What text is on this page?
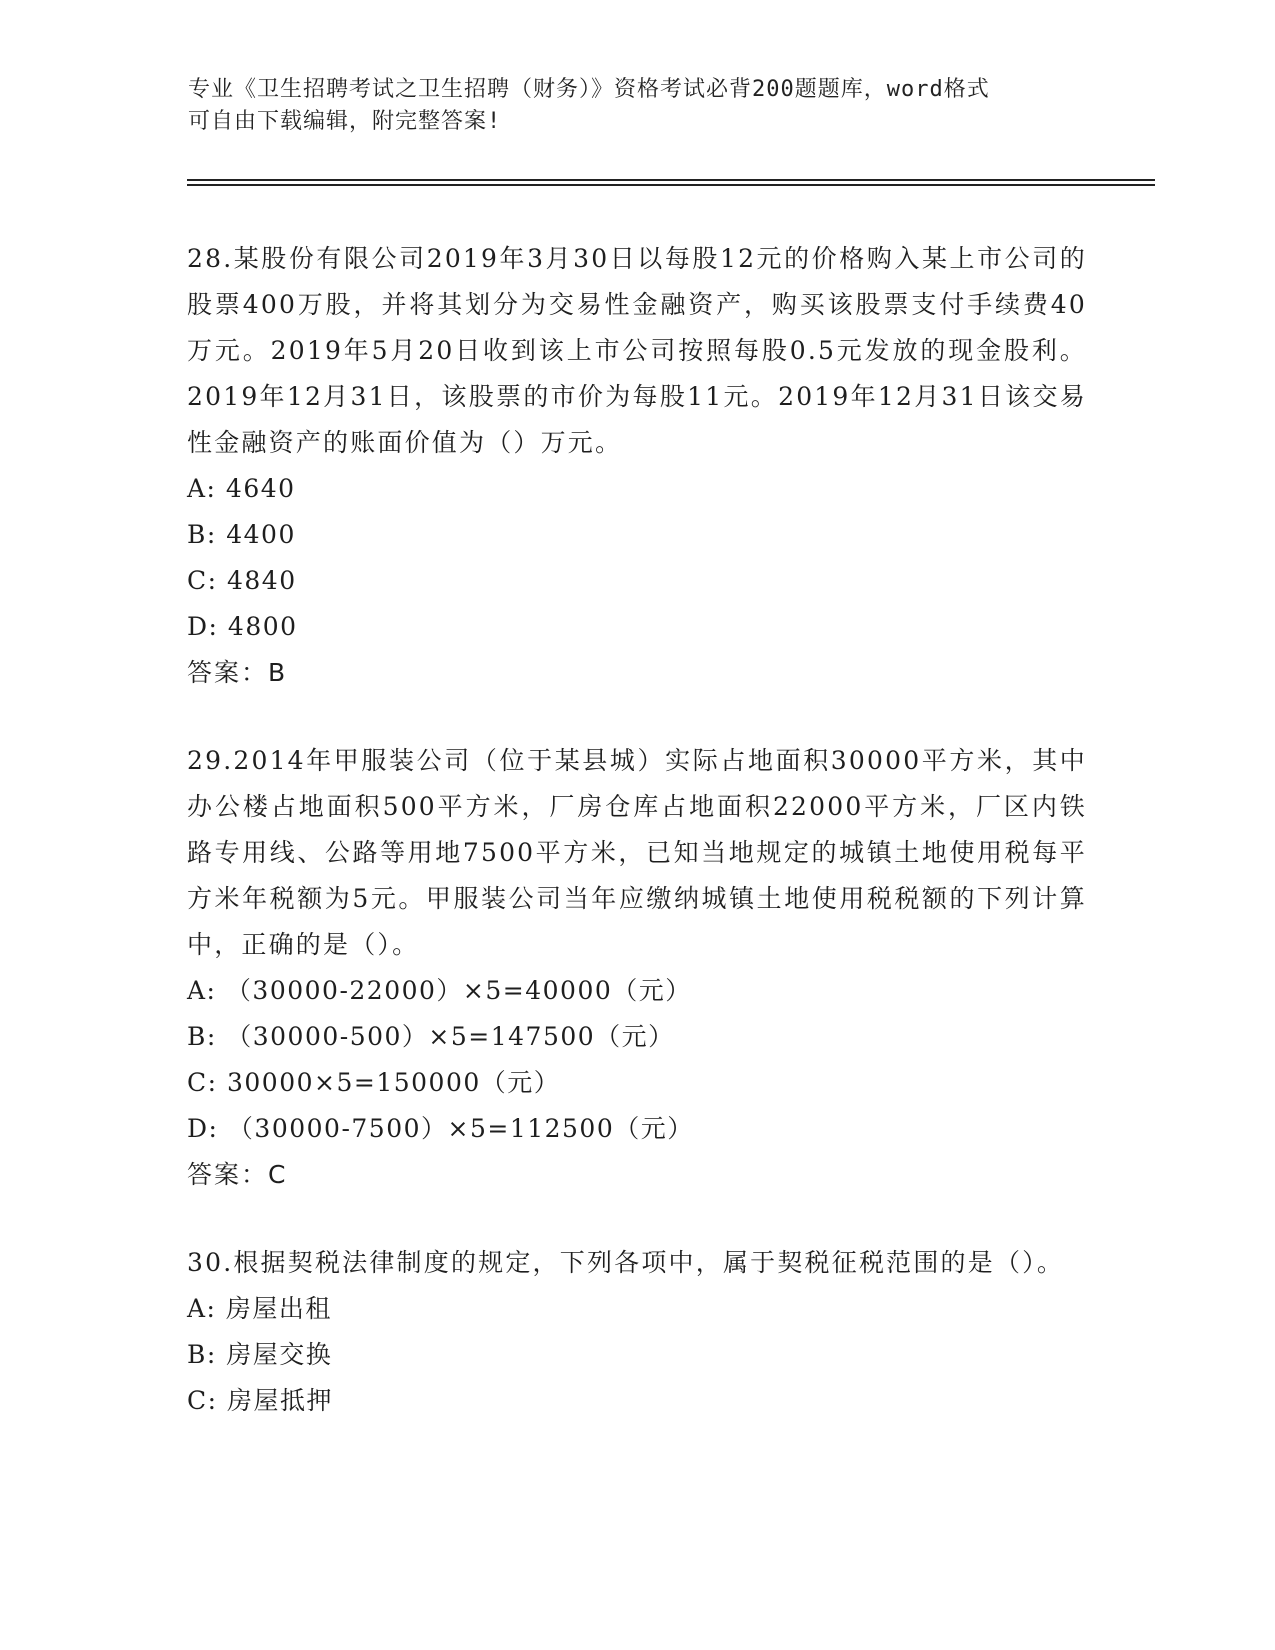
专业《卫生招聘考试之卫生招聘（财务）》资格考试必背200题题库，word格式
可自由下载编辑，附完整答案!

28.某股份有限公司2019年3月30日以每股12元的价格购入某上市公司的股票400万股，并将其划分为交易性金融资产，购买该股票支付手续费40万元。2019年5月20日收到该上市公司按照每股0.5元发放的现金股利。2019年12月31日，该股票的市价为每股11元。2019年12月31日该交易性金融资产的账面价值为（）万元。

A: 4640

B: 4400

C: 4840

D: 4800

答案：B

29.2014年甲服装公司（位于某县城）实际占地面积30000平方米，其中办公楼占地面积500平方米，厂房仓库占地面积22000平方米，厂区内铁路专用线、公路等用地7500平方米，已知当地规定的城镇土地使用税每平方米年税额为5元。甲服装公司当年应缴纳城镇土地使用税税额的下列计算中，正确的是（）。

A: （30000-22000）×5=40000（元）

B: （30000-500）×5=147500（元）

C: 30000×5=150000（元）

D: （30000-7500）×5=112500（元）

答案：C

30.根据契税法律制度的规定，下列各项中，属于契税征税范围的是（）。

A: 房屋出租

B: 房屋交换

C: 房屋抵押
